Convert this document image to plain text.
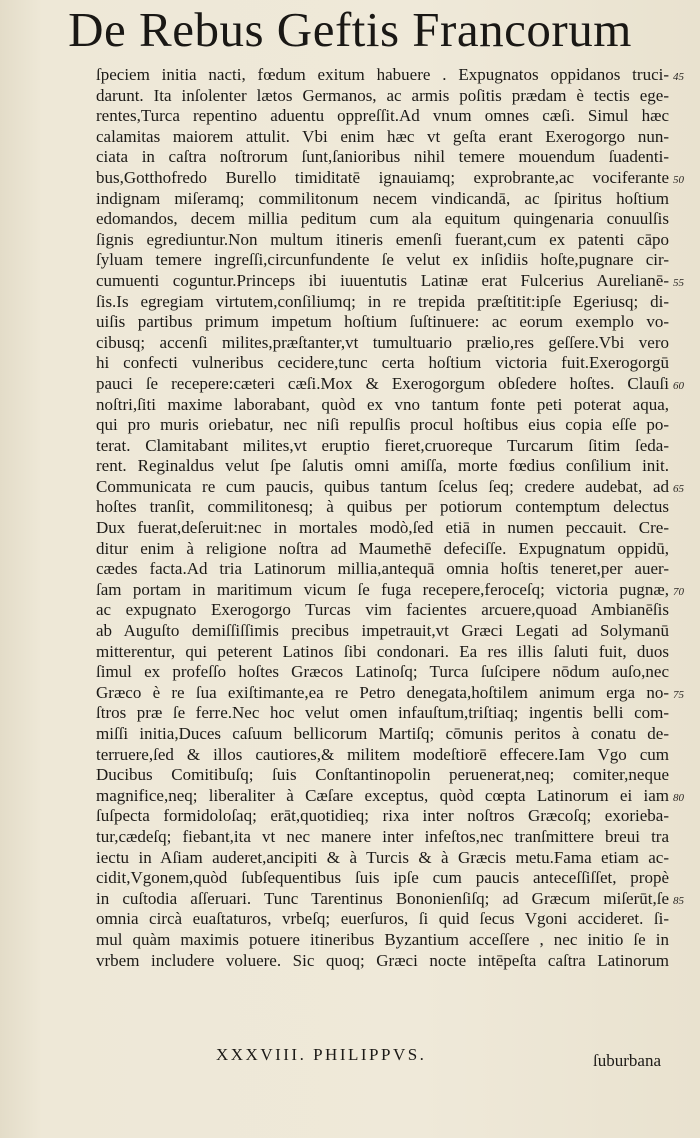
De Rebus Geftis Francorum
ſpeciem initia nacti, fœdum exitum habuere . Expugnatos oppidanos truci-
darunt. Ita inſolenter lætos Germanos, ac armis poſitis prædam è tectis ege-
rentes,Turca repentino aduentu oppreſſit.Ad vnum omnes cæſi. Simul hæc
calamitas maiorem attulit. Vbi enim hæc vt geſta erant Exerogorgo nun-
ciata in caſtra noſtrorum ſunt,ſanioribus nihil temere mouendum ſuadenti-
bus,Gotthofredo Burello timiditatē ignauiamq; exprobrante,ac vociferante
indignam miſeramq; commilitonum necem vindicandā, ac ſpiritus hoſtium
edomandos, decem millia peditum cum ala equitum quingenaria conuulſis
ſignis egrediuntur.Non multum itineris emenſi fuerant,cum ex patenti cāpo
ſyluam temere ingreſſi,circunfundente ſe velut ex inſidiis hoſte,pugnare cir-
cumuenti coguntur.Princeps ibi iuuentutis Latinæ erat Fulcerius Aurelianē-
ſis.Is egregiam virtutem,conſiliumq; in re trepida præſtitit:ipſe Egeriusq; di-
uiſis partibus primum impetum hoſtium ſuſtinuere: ac eorum exemplo vo-
cibusq; accenſi milites,præſtanter,vt tumultuario prælio,res geſſere.Vbi vero
hi confecti vulneribus cecidere,tunc certa hoſtium victoria fuit.Exerogorgū
pauci ſe recepere:cæteri cæſi.Mox & Exerogorgum obſedere hoſtes. Clauſi
noſtri,ſiti maxime laborabant, quòd ex vno tantum fonte peti poterat aqua,
qui pro muris oriebatur, nec niſi repulſis procul hoſtibus eius copia eſſe po-
terat. Clamitabant milites,vt eruptio fieret,cruoreque Turcarum ſitim ſeda-
rent. Reginaldus velut ſpe ſalutis omni amiſſa, morte fœdius conſilium init.
Communicata re cum paucis, quibus tantum ſcelus ſeq; credere audebat, ad
hoſtes tranſit, commilitonesq; à quibus per potiorum contemptum delectus
Dux fuerat,deſeruit:nec in mortales modò,ſed etiā in numen peccauit. Cre-
ditur enim à religione noſtra ad Maumethē defeciſſe. Expugnatum oppidū,
cædes facta.Ad tria Latinorum millia,antequā omnia hoſtis teneret,per auer-
ſam portam in maritimum vicum ſe fuga recepere,feroceſq; victoria pugnæ,
ac expugnato Exerogorgo Turcas vim facientes arcuere,quoad Ambianēſis
ab Auguſto demiſſiſſimis precibus impetrauit,vt Græci Legati ad Solymanū
mitterentur, qui peterent Latinos ſibi condonari. Ea res illis ſaluti fuit, duos
ſimul ex profeſſo hoſtes Græcos Latinoſq; Turca ſuſcipere nōdum auſo,nec
Græco è re ſua exiſtimante,ea re Petro denegata,hoſtilem animum erga no-
ſtros præ ſe ferre.Nec hoc velut omen infauſtum,triſtiaq; ingentis belli com-
miſſi initia,Duces caſuum bellicorum Martiſq; cōmunis peritos à conatu de-
terruere,ſed & illos cautiores,& militem modeſtiorē effecere.Iam Vgo cum
Ducibus Comitibuſq; ſuis Conſtantinopolin peruenerat,neq; comiter,neque
magnifice,neq; liberaliter à Cæſare exceptus, quòd cœpta Latinorum ei iam
ſuſpecta formidoloſaq; erāt,quotidieq; rixa inter noſtros Græcoſq; exorieba-
tur,cædeſq; fiebant,ita vt nec manere inter infeſtos,nec tranſmittere breui tra
iectu in Aſiam auderet,ancipiti & à Turcis & à Græcis metu.Fama etiam ac-
cidit,Vgonem,quòd ſubſequentibus ſuis ipſe cum paucis anteceſſiſſet, propè
in cuſtodia aſſeruari. Tunc Tarentinus Bononienſiſq; ad Græcum miſerūt,ſe
omnia circà euaſtaturos, vrbeſq; euerſuros, ſi quid ſecus Vgoni accideret. ſi-
mul quàm maximis potuere itineribus Byzantium acceſſere , nec initio ſe in
vrbem includere voluere. Sic quoq; Græci nocte intēpeſta caſtra Latinorum
45
50
55
60
65
70
75
80
85
XXXVIII. PHILIPPVS.	ſuburbana
